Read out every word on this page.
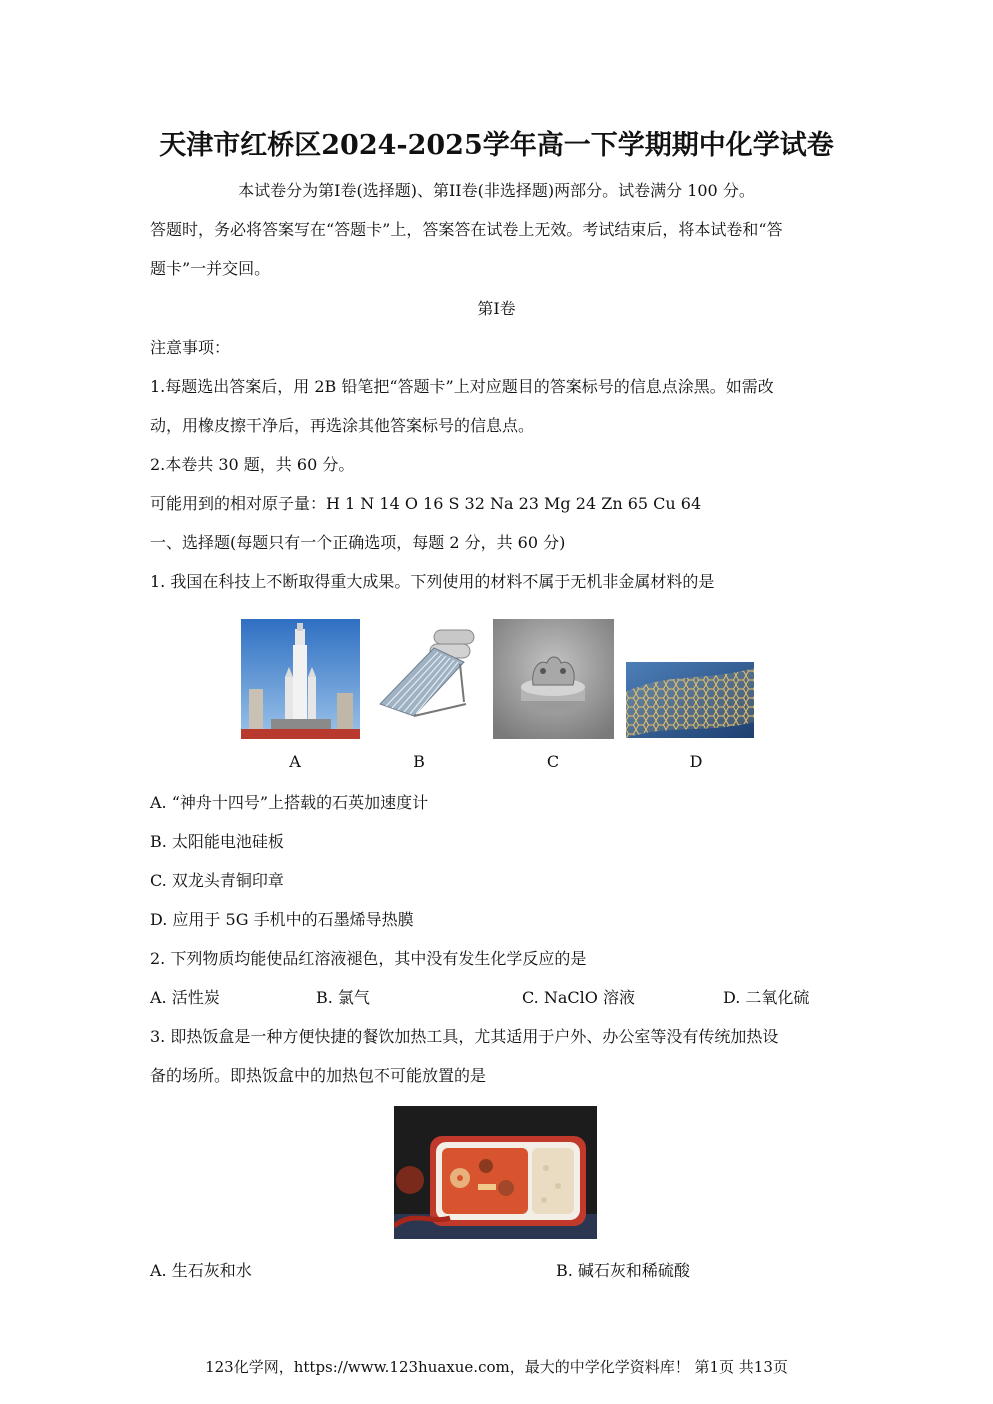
天津市红桥区2024-2025学年高一下学期期中化学试卷
本试卷分为第I卷(选择题)、第II卷(非选择题)两部分。试卷满分 100 分。
答题时，务必将答案写在“答题卡”上，答案答在试卷上无效。考试结束后，将本试卷和“答
题卡”一并交回。
第I卷
注意事项：
1.每题选出答案后，用 2B 铅笔把“答题卡”上对应题目的答案标号的信息点涂黑。如需改
动，用橡皮擦干净后，再选涂其他答案标号的信息点。
2.本卷共 30 题，共 60 分。
可能用到的相对原子量：H 1 N 14 O 16 S 32 Na 23 Mg 24 Zn 65 Cu 64
一、选择题(每题只有一个正确选项，每题 2 分，共 60 分)
1. 我国在科技上不断取得重大成果。下列使用的材料不属于无机非金属材料的是
A	B	C	D
A. “神舟十四号”上搭载的石英加速度计
B. 太阳能电池硅板
C. 双龙头青铜印章
D. 应用于 5G 手机中的石墨烯导热膜
2. 下列物质均能使品红溶液褪色，其中没有发生化学反应的是
A. 活性炭	B. 氯气	C. NaClO 溶液	D. 二氧化硫
3. 即热饭盒是一种方便快捷的餐饮加热工具，尤其适用于户外、办公室等没有传统加热设
备的场所。即热饭盒中的加热包不可能放置的是
A. 生石灰和水	B. 碱石灰和稀硫酸
123化学网，https://www.123huaxue.com，最大的中学化学资料库！ 第1页 共13页
